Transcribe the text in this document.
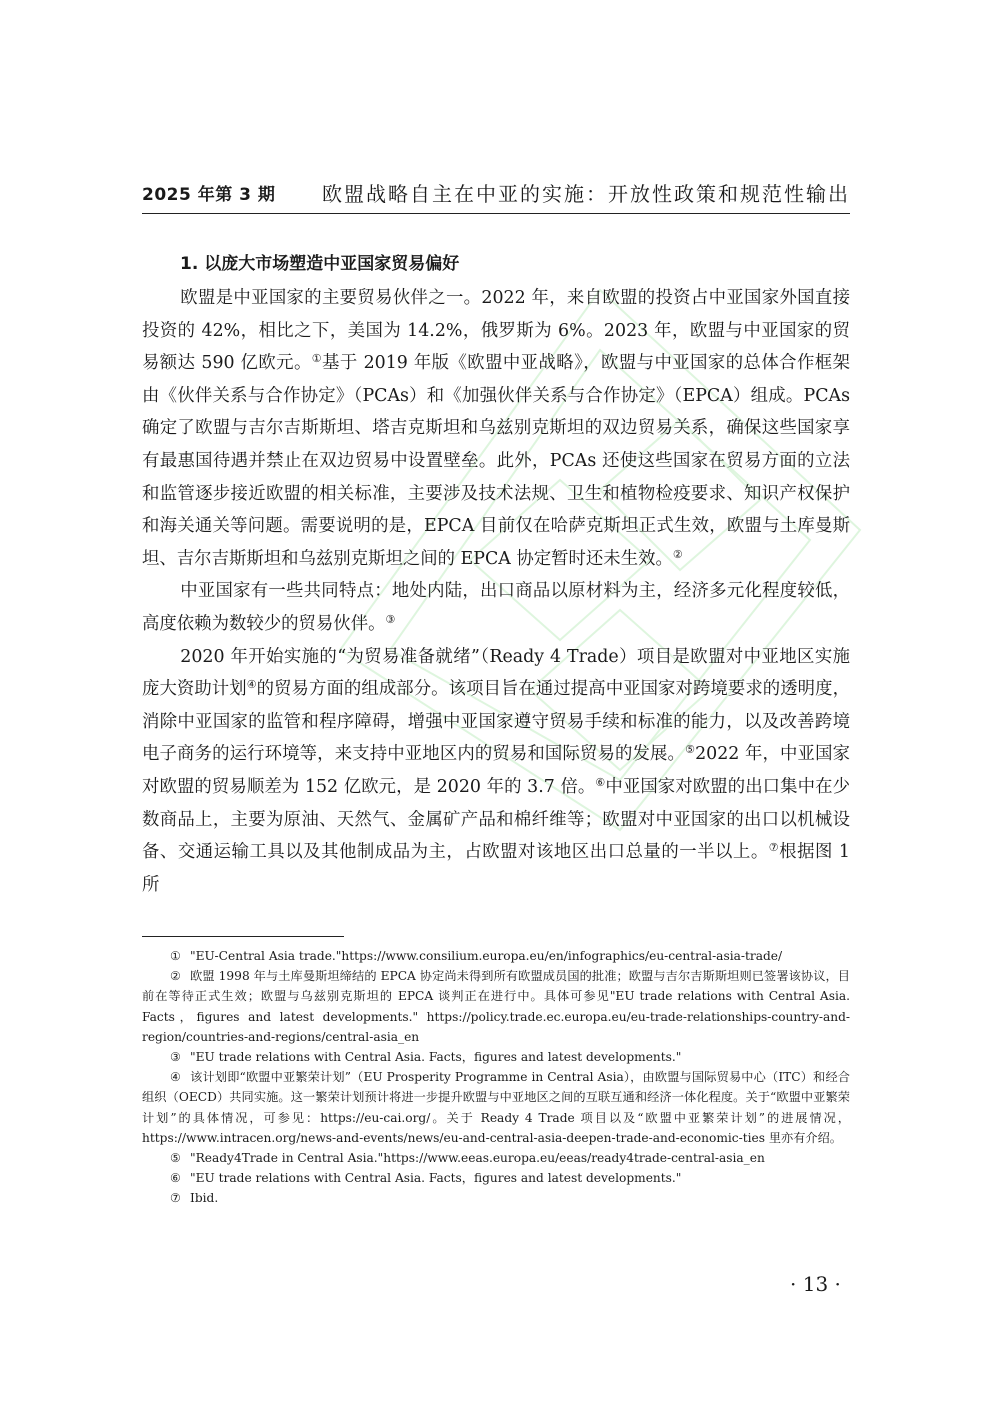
2025 年第 3 期 欧盟战略自主在中亚的实施：开放性政策和规范性输出
1. 以庞大市场塑造中亚国家贸易偏好

欧盟是中亚国家的主要贸易伙伴之一。2022 年，来自欧盟的投资占中亚国家外国直接投资的 42%，相比之下，美国为 14.2%，俄罗斯为 6%。2023 年，欧盟与中亚国家的贸易额达 590 亿欧元。①基于 2019 年版《欧盟中亚战略》，欧盟与中亚国家的总体合作框架由《伙伴关系与合作协定》（PCAs）和《加强伙伴关系与合作协定》（EPCA）组成。PCAs 确定了欧盟与吉尔吉斯斯坦、塔吉克斯坦和乌兹别克斯坦的双边贸易关系，确保这些国家享有最惠国待遇并禁止在双边贸易中设置壁垒。此外，PCAs 还使这些国家在贸易方面的立法和监管逐步接近欧盟的相关标准，主要涉及技术法规、卫生和植物检疫要求、知识产权保护和海关通关等问题。需要说明的是，EPCA 目前仅在哈萨克斯坦正式生效，欧盟与土库曼斯坦、吉尔吉斯斯坦和乌兹别克斯坦之间的 EPCA 协定暂时还未生效。②

中亚国家有一些共同特点：地处内陆，出口商品以原材料为主，经济多元化程度较低，高度依赖为数较少的贸易伙伴。③

2020 年开始实施的“为贸易准备就绪”（Ready 4 Trade）项目是欧盟对中亚地区实施庞大资助计划④的贸易方面的组成部分。该项目旨在通过提高中亚国家对跨境要求的透明度，消除中亚国家的监管和程序障碍，增强中亚国家遵守贸易手续和标准的能力，以及改善跨境电子商务的运行环境等，来支持中亚地区内的贸易和国际贸易的发展。⑤2022 年，中亚国家对欧盟的贸易顺差为 152 亿欧元，是 2020 年的 3.7 倍。⑥中亚国家对欧盟的出口集中在少数商品上，主要为原油、天然气、金属矿产品和棉纤维等；欧盟对中亚国家的出口以机械设备、交通运输工具以及其他制成品为主，占欧盟对该地区出口总量的一半以上。⑦根据图 1 所

① "EU-Central Asia trade."https://www.consilium.europa.eu/en/infographics/eu-central-asia-trade/

② 欧盟 1998 年与土库曼斯坦缔结的 EPCA 协定尚未得到所有欧盟成员国的批准；欧盟与吉尔吉斯斯坦则已签署该协议，目前在等待正式生效；欧盟与乌兹别克斯坦的 EPCA 谈判正在进行中。具体可参见"EU trade relations with Central Asia. Facts，figures and latest developments." https://policy.trade.ec.europa.eu/eu-trade-relationships-country-and-region/countries-and-regions/central-asia_en

③ "EU trade relations with Central Asia. Facts，figures and latest developments."

④ 该计划即“欧盟中亚繁荣计划”（EU Prosperity Programme in Central Asia），由欧盟与国际贸易中心（ITC）和经合组织（OECD）共同实施。这一繁荣计划预计将进一步提升欧盟与中亚地区之间的互联互通和经济一体化程度。关于“欧盟中亚繁荣计划”的具体情况，可参见：https://eu-cai.org/。关于 Ready 4 Trade 项目以及“欧盟中亚繁荣计划”的进展情况，https://www.intracen.org/news-and-events/news/eu-and-central-asia-deepen-trade-and-economic-ties 里亦有介绍。

⑤ "Ready4Trade in Central Asia."https://www.eeas.europa.eu/eeas/ready4trade-central-asia_en

⑥ "EU trade relations with Central Asia. Facts，figures and latest developments."

⑦ Ibid.

· 13 ·
